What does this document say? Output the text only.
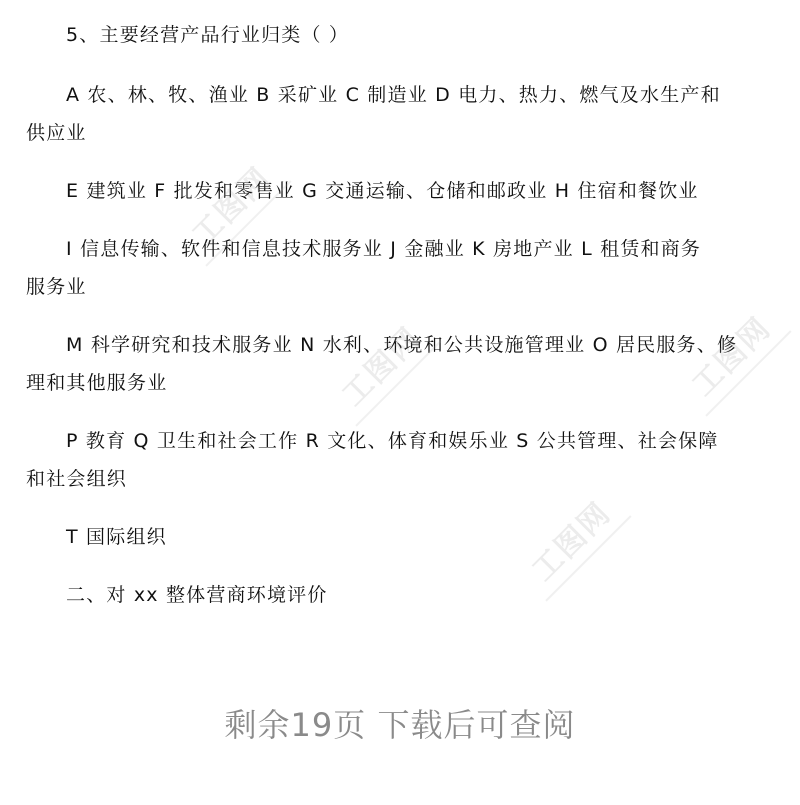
5、主要经营产品行业归类（ ）
A 农、林、牧、渔业 B 采矿业 C 制造业 D 电力、热力、燃气及水生产和
供应业
E 建筑业 F 批发和零售业 G 交通运输、仓储和邮政业 H 住宿和餐饮业
I 信息传输、软件和信息技术服务业 J 金融业 K 房地产业 L 租赁和商务
服务业
M 科学研究和技术服务业 N 水利、环境和公共设施管理业 O 居民服务、修
理和其他服务业
P 教育 Q 卫生和社会工作 R 文化、体育和娱乐业 S 公共管理、社会保障
和社会组织
T 国际组织
二、对 xx 整体营商环境评价
工图网
工图网
工图网
工图网
剩余19页 下载后可查阅
